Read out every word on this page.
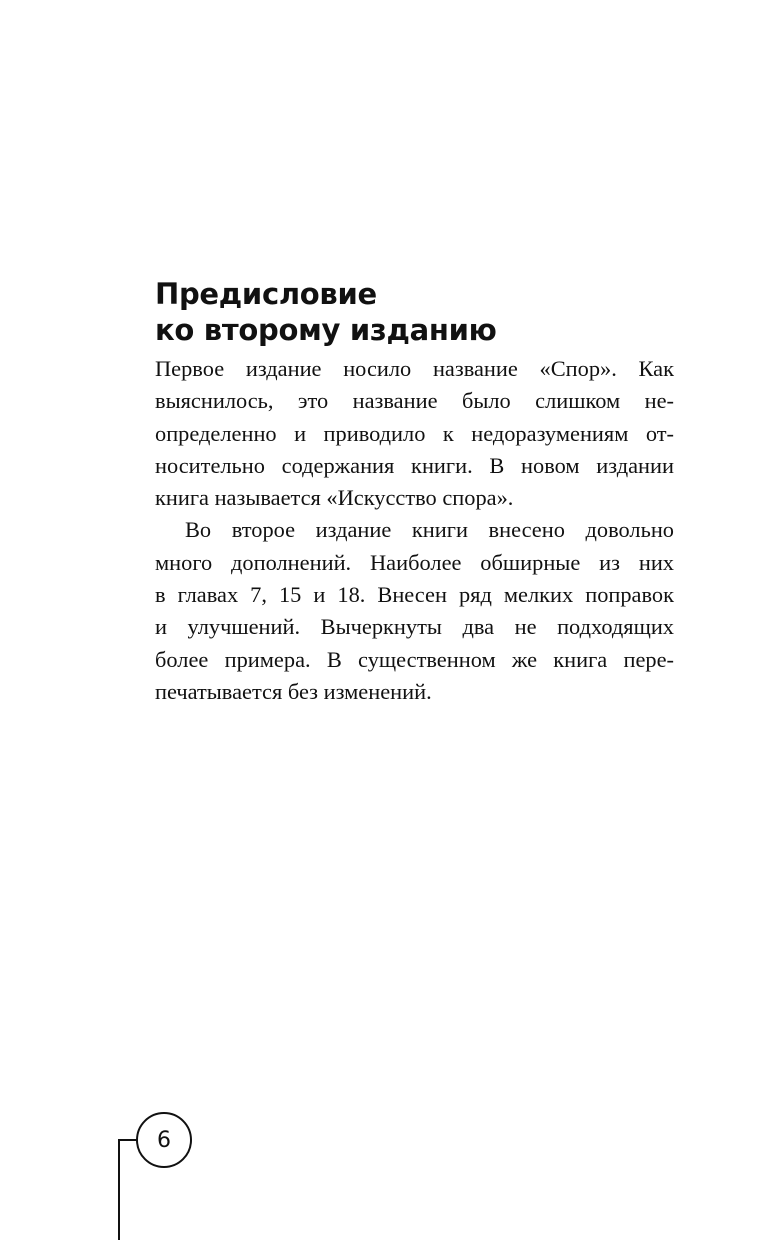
Предисловие
ко второму изданию
Первое издание носило название «Спор». Как
выяснилось, это название было слишком не-
определенно и приводило к недоразумениям от-
носительно содержания книги. В новом издании
книга называется «Искусство спора».
Во второе издание книги внесено довольно
много дополнений. Наиболее обширные из них
в главах 7, 15 и 18. Внесен ряд мелких поправок
и улучшений. Вычеркнуты два не подходящих
более примера. В существенном же книга пере-
печатывается без изменений.
6
